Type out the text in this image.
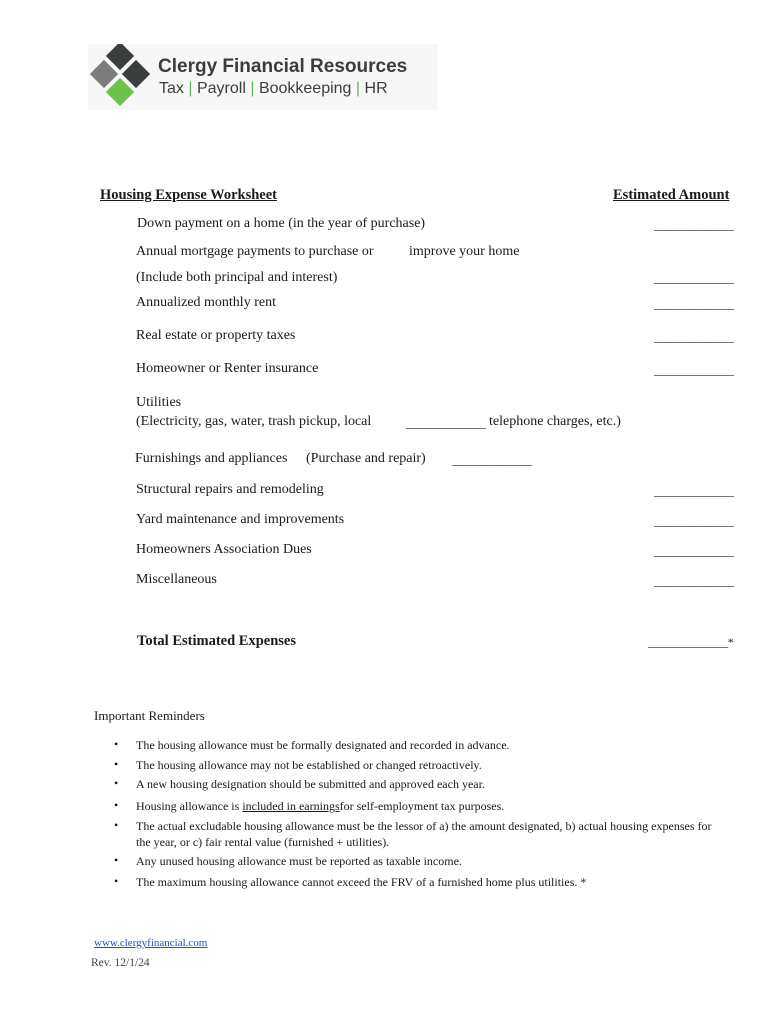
Clergy Financial Resources
Tax | Payroll | Bookkeeping | HR
Housing Expense Worksheet	Estimated Amount
Down payment on a home (in the year of purchase)	______________
Annual mortgage payments to purchase or	improve your home
(Include both principal and interest)	______________
Annualized monthly rent	______________
Real estate or property taxes	______________
Homeowner or Renter insurance	______________
Utilities
(Electricity, gas, water, trash pickup, local	______________ telephone charges, etc.)
Furnishings and appliances (Purchase and repair) ______________
Structural repairs and remodeling	______________
Yard maintenance and improvements	______________
Homeowners Association Dues	______________
Miscellaneous	______________
Total Estimated Expenses	______________*
Important Reminders
• The housing allowance must be formally designated and recorded in advance.
• The housing allowance may not be established or changed retroactively.
• A new housing designation should be submitted and approved each year.
• Housing allowance is included in earningsfor self-employment tax purposes.
• The actual excludable housing allowance must be the lessor of a) the amount designated, b) actual housing expenses for the year, or c) fair rental value (furnished + utilities).
• Any unused housing allowance must be reported as taxable income.
• The maximum housing allowance cannot exceed the FRV of a furnished home plus utilities. *
www.clergyfinancial.com
Rev. 12/1/24
